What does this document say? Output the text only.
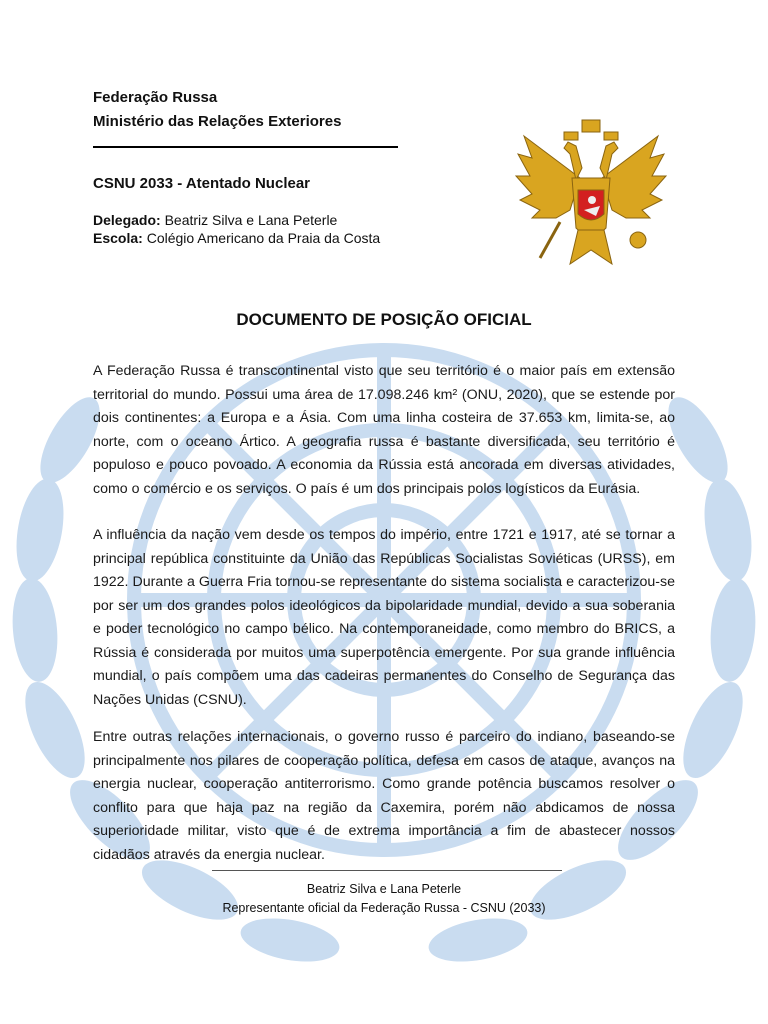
Federação Russa
Ministério das Relações Exteriores
CSNU 2033 - Atentado Nuclear
Delegado: Beatriz Silva e Lana Peterle
Escola: Colégio Americano da Praia da Costa
DOCUMENTO DE POSIÇÃO OFICIAL

A Federação Russa é transcontinental visto que seu território é o maior país em extensão territorial do mundo. Possui uma área de 17.098.246 km² (ONU, 2020), que se estende por dois continentes: a Europa e a Ásia. Com uma linha costeira de 37.653 km, limita-se, ao norte, com o oceano Ártico. A geografia russa é bastante diversificada, seu território é populoso e pouco povoado. A economia da Rússia está ancorada em diversas atividades, como o comércio e os serviços. O país é um dos principais polos logísticos da Eurásia.

A influência da nação vem desde os tempos do império, entre 1721 e 1917, até se tornar a principal república constituinte da União das Repúblicas Socialistas Soviéticas (URSS), em 1922. Durante a Guerra Fria tornou-se representante do sistema socialista e caracterizou-se por ser um dos grandes polos ideológicos da bipolaridade mundial, devido a sua soberania e poder tecnológico no campo bélico. Na contemporaneidade, como membro do BRICS, a Rússia é considerada por muitos uma superpotência emergente. Por sua grande influência mundial, o país compõem uma das cadeiras permanentes do Conselho de Segurança das Nações Unidas (CSNU).

Entre outras relações internacionais, o governo russo é parceiro do indiano, baseando-se principalmente nos pilares de cooperação política, defesa em casos de ataque, avanços na energia nuclear, cooperação antiterrorismo. Como grande potência buscamos resolver o conflito para que haja paz na região da Caxemira, porém não abdicamos de nossa superioridade militar, visto que é de extrema importância a fim de abastecer nossos cidadãos através da energia nuclear.

Beatriz Silva e Lana Peterle
Representante oficial da Federação Russa - CSNU (2033)
